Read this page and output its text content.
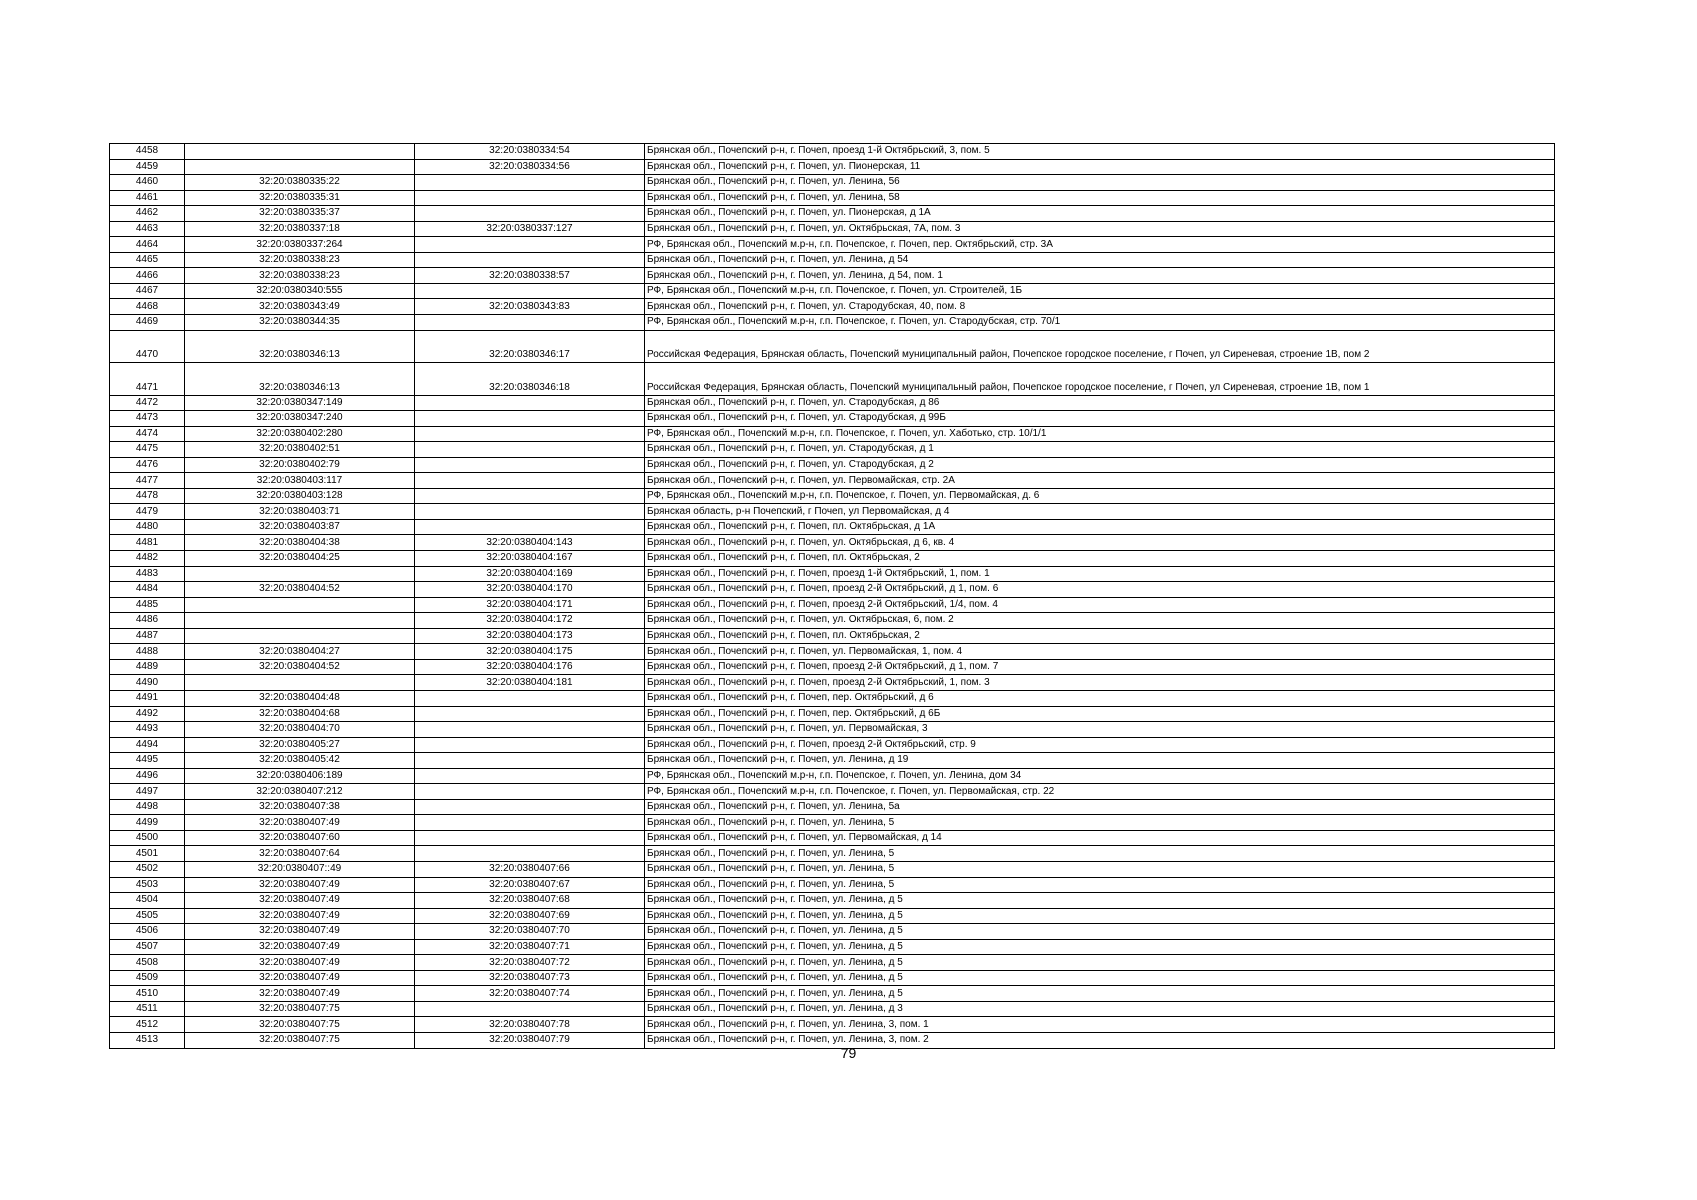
4458		32:20:0380334:54	Брянская обл., Почепский р-н, г. Почеп, проезд 1-й Октябрьский, 3, пом. 5
4459		32:20:0380334:56	Брянская обл., Почепский р-н, г. Почеп, ул. Пионерская, 11
4460	32:20:0380335:22		Брянская обл., Почепский р-н, г. Почеп, ул. Ленина, 56
4461	32:20:0380335:31		Брянская обл., Почепский р-н, г. Почеп, ул. Ленина, 58
4462	32:20:0380335:37		Брянская обл., Почепский р-н, г. Почеп, ул. Пионерская, д 1А
4463	32:20:0380337:18	32:20:0380337:127	Брянская обл., Почепский р-н, г. Почеп, ул. Октябрьская, 7А, пом. 3
4464	32:20:0380337:264		РФ, Брянская обл., Почепский м.р-н, г.п. Почепское, г. Почеп, пер. Октябрьский, стр. 3А
4465	32:20:0380338:23		Брянская обл., Почепский р-н, г. Почеп, ул. Ленина, д 54
4466	32:20:0380338:23	32:20:0380338:57	Брянская обл., Почепский р-н, г. Почеп, ул. Ленина, д 54, пом. 1
4467	32:20:0380340:555		РФ, Брянская обл., Почепский м.р-н, г.п. Почепское, г. Почеп, ул. Строителей, 1Б
4468	32:20:0380343:49	32:20:0380343:83	Брянская обл., Почепский р-н, г. Почеп, ул. Стародубская, 40, пом. 8
4469	32:20:0380344:35		РФ, Брянская обл., Почепский м.р-н, г.п. Почепское, г. Почеп, ул. Стародубская, стр. 70/1
4470	32:20:0380346:13	32:20:0380346:17	Российская Федерация, Брянская область, Почепский муниципальный район, Почепское городское поселение, г Почеп, ул Сиреневая, строение 1В, пом 2
4471	32:20:0380346:13	32:20:0380346:18	Российская Федерация, Брянская область, Почепский муниципальный район, Почепское городское поселение, г Почеп, ул Сиреневая, строение 1В, пом 1
4472	32:20:0380347:149		Брянская обл., Почепский р-н, г. Почеп, ул. Стародубская, д 86
4473	32:20:0380347:240		Брянская обл., Почепский р-н, г. Почеп, ул. Стародубская, д 99Б
4474	32:20:0380402:280		РФ, Брянская обл., Почепский м.р-н, г.п. Почепское, г. Почеп, ул. Хаботько, стр. 10/1/1
4475	32:20:0380402:51		Брянская обл., Почепский р-н, г. Почеп, ул. Стародубская, д 1
4476	32:20:0380402:79		Брянская обл., Почепский р-н, г. Почеп, ул. Стародубская, д 2
4477	32:20:0380403:117		Брянская обл., Почепский р-н, г. Почеп, ул. Первомайская, стр. 2А
4478	32:20:0380403:128		РФ, Брянская обл., Почепский м.р-н, г.п. Почепское, г. Почеп, ул. Первомайская, д. 6
4479	32:20:0380403:71		Брянская область, р-н Почепский, г Почеп, ул Первомайская, д 4
4480	32:20:0380403:87		Брянская обл., Почепский р-н, г. Почеп, пл. Октябрьская, д 1А
4481	32:20:0380404:38	32:20:0380404:143	Брянская обл., Почепский р-н, г. Почеп, ул. Октябрьская, д 6, кв. 4
4482	32:20:0380404:25	32:20:0380404:167	Брянская обл., Почепский р-н, г. Почеп, пл. Октябрьская, 2
4483		32:20:0380404:169	Брянская обл., Почепский р-н, г. Почеп, проезд 1-й Октябрьский, 1, пом. 1
4484	32:20:0380404:52	32:20:0380404:170	Брянская обл., Почепский р-н, г. Почеп, проезд 2-й Октябрьский, д 1, пом. 6
4485		32:20:0380404:171	Брянская обл., Почепский р-н, г. Почеп, проезд 2-й Октябрьский, 1/4, пом. 4
4486		32:20:0380404:172	Брянская обл., Почепский р-н, г. Почеп, ул. Октябрьская, 6, пом. 2
4487		32:20:0380404:173	Брянская обл., Почепский р-н, г. Почеп, пл. Октябрьская, 2
4488	32:20:0380404:27	32:20:0380404:175	Брянская обл., Почепский р-н, г. Почеп, ул. Первомайская, 1, пом. 4
4489	32:20:0380404:52	32:20:0380404:176	Брянская обл., Почепский р-н, г. Почеп, проезд 2-й Октябрьский, д 1, пом. 7
4490		32:20:0380404:181	Брянская обл., Почепский р-н, г. Почеп, проезд 2-й Октябрьский, 1, пом. 3
4491	32:20:0380404:48		Брянская обл., Почепский р-н, г. Почеп, пер. Октябрьский, д 6
4492	32:20:0380404:68		Брянская обл., Почепский р-н, г. Почеп, пер. Октябрьский, д 6Б
4493	32:20:0380404:70		Брянская обл., Почепский р-н, г. Почеп, ул. Первомайская, 3
4494	32:20:0380405:27		Брянская обл., Почепский р-н, г. Почеп, проезд 2-й Октябрьский, стр. 9
4495	32:20:0380405:42		Брянская обл., Почепский р-н, г. Почеп, ул. Ленина, д 19
4496	32:20:0380406:189		РФ, Брянская обл., Почепский м.р-н, г.п. Почепское, г. Почеп, ул. Ленина, дом 34
4497	32:20:0380407:212		РФ, Брянская обл., Почепский м.р-н, г.п. Почепское, г. Почеп, ул. Первомайская, стр. 22
4498	32:20:0380407:38		Брянская обл., Почепский р-н, г. Почеп, ул. Ленина, 5а
4499	32:20:0380407:49		Брянская обл., Почепский р-н, г. Почеп, ул. Ленина, 5
4500	32:20:0380407:60		Брянская обл., Почепский р-н, г. Почеп, ул. Первомайская, д 14
4501	32:20:0380407:64		Брянская обл., Почепский р-н, г. Почеп, ул. Ленина, 5
4502	32:20:0380407::49	32:20:0380407:66	Брянская обл., Почепский р-н, г. Почеп, ул. Ленина, 5
4503	32:20:0380407:49	32:20:0380407:67	Брянская обл., Почепский р-н, г. Почеп, ул. Ленина, 5
4504	32:20:0380407:49	32:20:0380407:68	Брянская обл., Почепский р-н, г. Почеп, ул. Ленина, д 5
4505	32:20:0380407:49	32:20:0380407:69	Брянская обл., Почепский р-н, г. Почеп, ул. Ленина, д 5
4506	32:20:0380407:49	32:20:0380407:70	Брянская обл., Почепский р-н, г. Почеп, ул. Ленина, д 5
4507	32:20:0380407:49	32:20:0380407:71	Брянская обл., Почепский р-н, г. Почеп, ул. Ленина, д 5
4508	32:20:0380407:49	32:20:0380407:72	Брянская обл., Почепский р-н, г. Почеп, ул. Ленина, д 5
4509	32:20:0380407:49	32:20:0380407:73	Брянская обл., Почепский р-н, г. Почеп, ул. Ленина, д 5
4510	32:20:0380407:49	32:20:0380407:74	Брянская обл., Почепский р-н, г. Почеп, ул. Ленина, д 5
4511	32:20:0380407:75		Брянская обл., Почепский р-н, г. Почеп, ул. Ленина, д 3
4512	32:20:0380407:75	32:20:0380407:78	Брянская обл., Почепский р-н, г. Почеп, ул. Ленина, 3, пом. 1
4513	32:20:0380407:75	32:20:0380407:79	Брянская обл., Почепский р-н, г. Почеп, ул. Ленина, 3, пом. 2
79
